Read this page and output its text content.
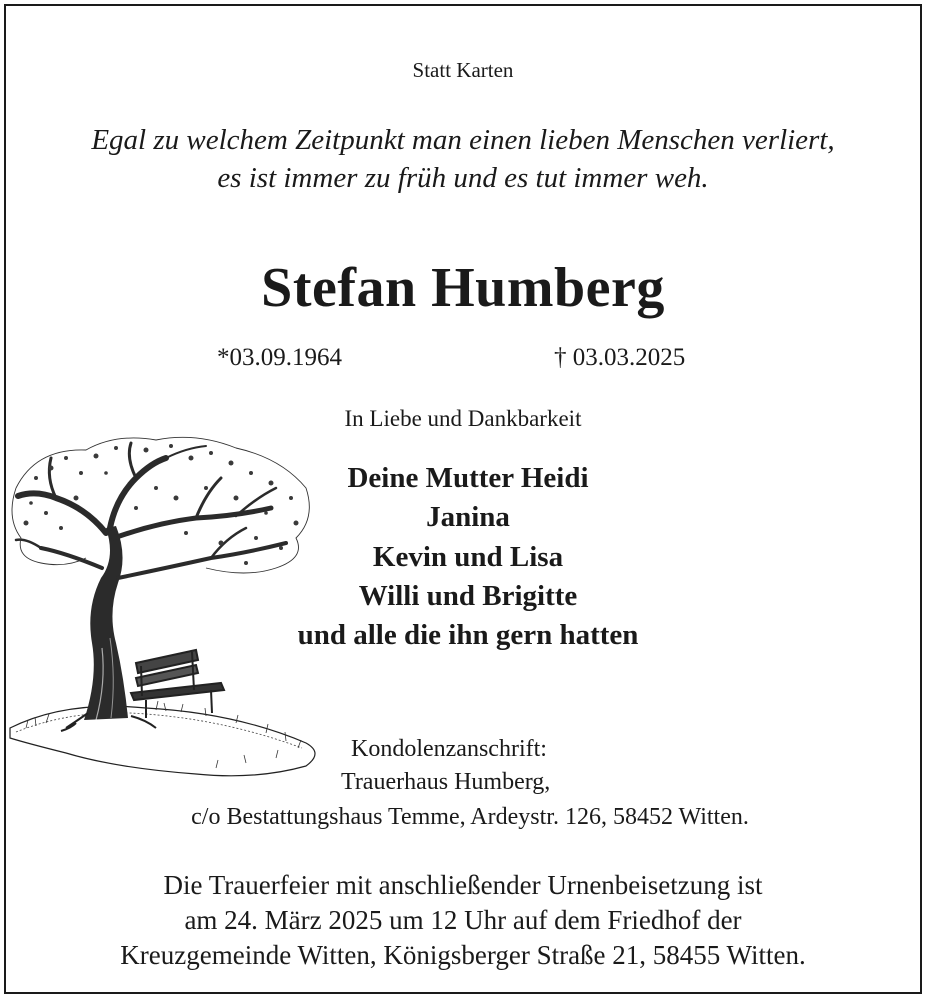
Statt Karten
Egal zu welchem Zeitpunkt man einen lieben Menschen verliert,
es ist immer zu früh und es tut immer weh.
Stefan Humberg
*03.09.1964	† 03.03.2025
In Liebe und Dankbarkeit
Deine Mutter Heidi
Janina
Kevin und Lisa
Willi und Brigitte
und alle die ihn gern hatten
Kondolenzanschrift:
Trauerhaus Humberg,
c/o Bestattungshaus Temme, Ardeystr. 126, 58452 Witten.
Die Trauerfeier mit anschließender Urnenbeisetzung ist
am 24. März 2025 um 12 Uhr auf dem Friedhof der
Kreuzgemeinde Witten, Königsberger Straße 21, 58455 Witten.
